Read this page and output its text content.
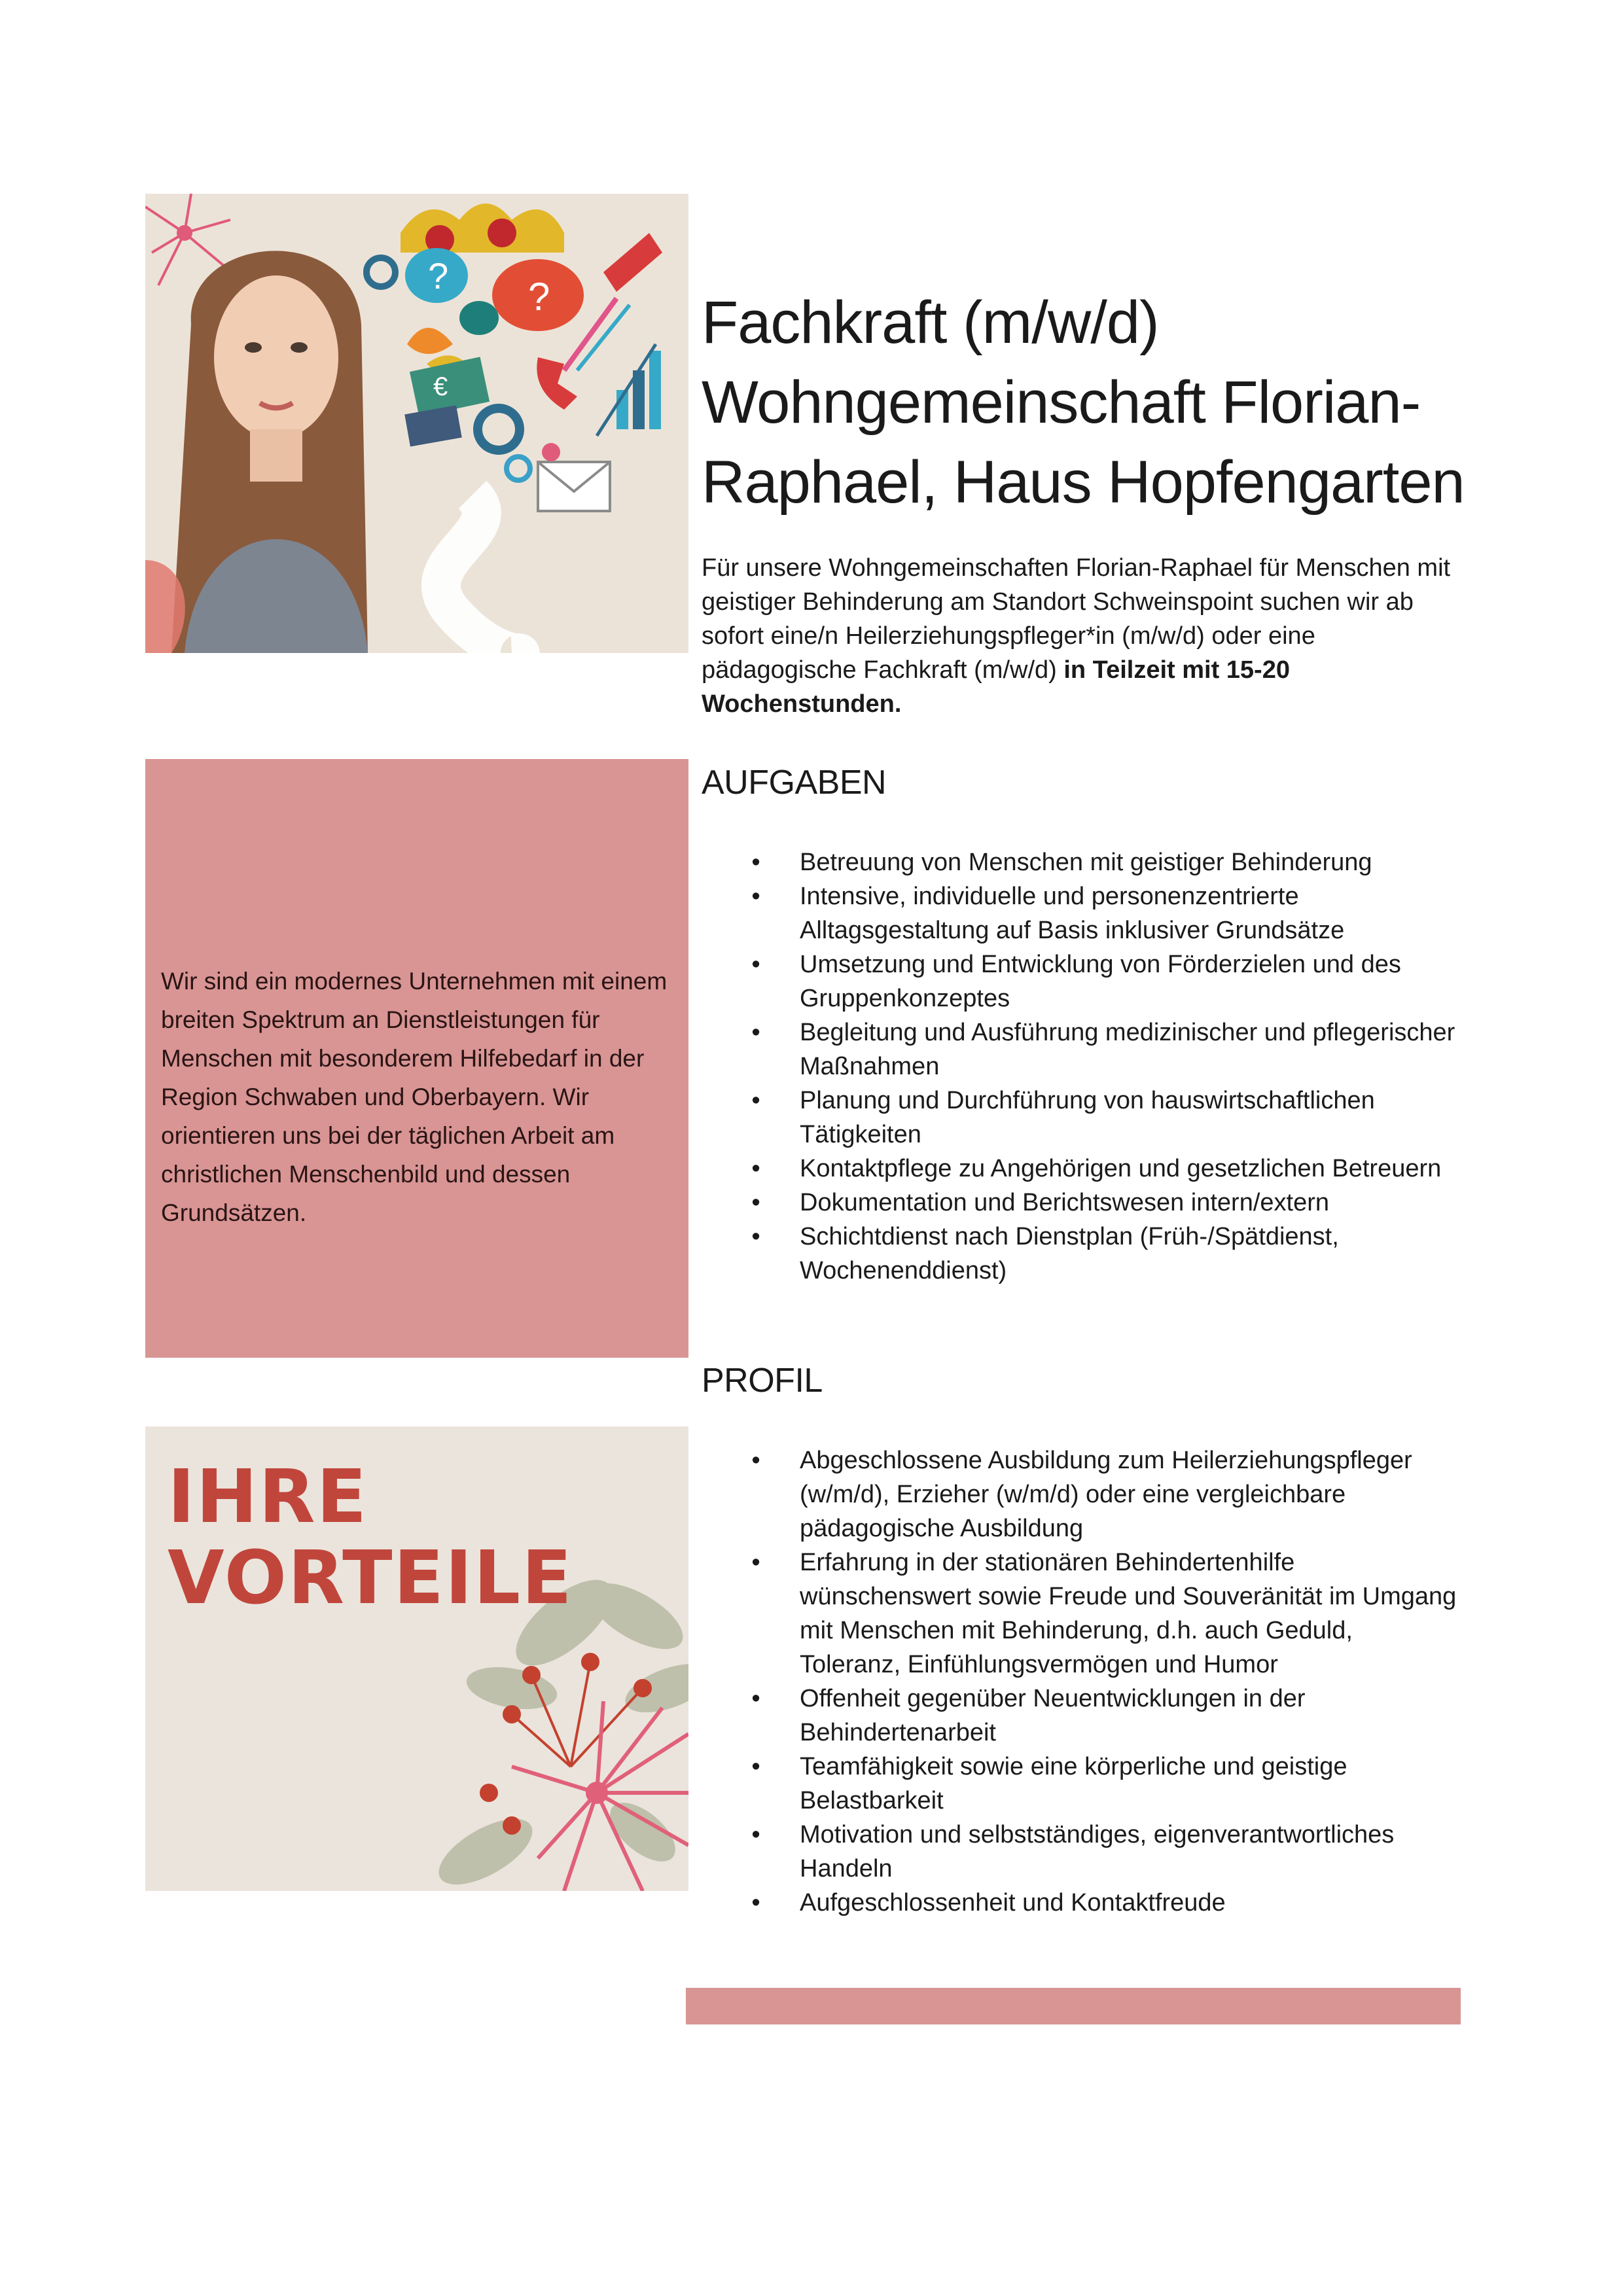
? ?
€
Fachkraft (m/w/d)
Wohngemeinschaft Florian-
Raphael, Haus Hopfengarten

Für unsere Wohngemeinschaften Florian-Raphael für Menschen mit geistiger Behinderung am Standort Schweinspoint suchen wir ab sofort eine/n Heilerziehungspfleger*in (m/w/d) oder eine pädagogische Fachkraft (m/w/d) in Teilzeit mit 15-20 Wochenstunden.

Wir sind ein modernes Unternehmen mit einem breiten Spektrum an Dienstleistungen für Menschen mit besonderem Hilfebedarf in der Region Schwaben und Oberbayern. Wir orientieren uns bei der täglichen Arbeit am christlichen Menschenbild und dessen Grundsätzen.

AUFGABEN
• Betreuung von Menschen mit geistiger Behinderung
• Intensive, individuelle und personenzentrierte Alltagsgestaltung auf Basis inklusiver Grundsätze
• Umsetzung und Entwicklung von Förderzielen und des Gruppenkonzeptes
• Begleitung und Ausführung medizinischer und pflegerischer Maßnahmen
• Planung und Durchführung von hauswirtschaftlichen Tätigkeiten
• Kontaktpflege zu Angehörigen und gesetzlichen Betreuern
• Dokumentation und Berichtswesen intern/extern
• Schichtdienst nach Dienstplan (Früh-/Spätdienst, Wochenenddienst)
PROFIL
• Abgeschlossene Ausbildung zum Heilerziehungspfleger (w/m/d), Erzieher (w/m/d) oder eine vergleichbare pädagogische Ausbildung
• Erfahrung in der stationären Behindertenhilfe wünschenswert sowie Freude und Souveränität im Umgang mit Menschen mit Behinderung, d.h. auch Geduld, Toleranz, Einfühlungsvermögen und Humor
• Offenheit gegenüber Neuentwicklungen in der Behindertenarbeit
• Teamfähigkeit sowie eine körperliche und geistige Belastbarkeit
• Motivation und selbstständiges, eigenverantwortliches Handeln
• Aufgeschlossenheit und Kontaktfreude
IHRE
VORTEILE
